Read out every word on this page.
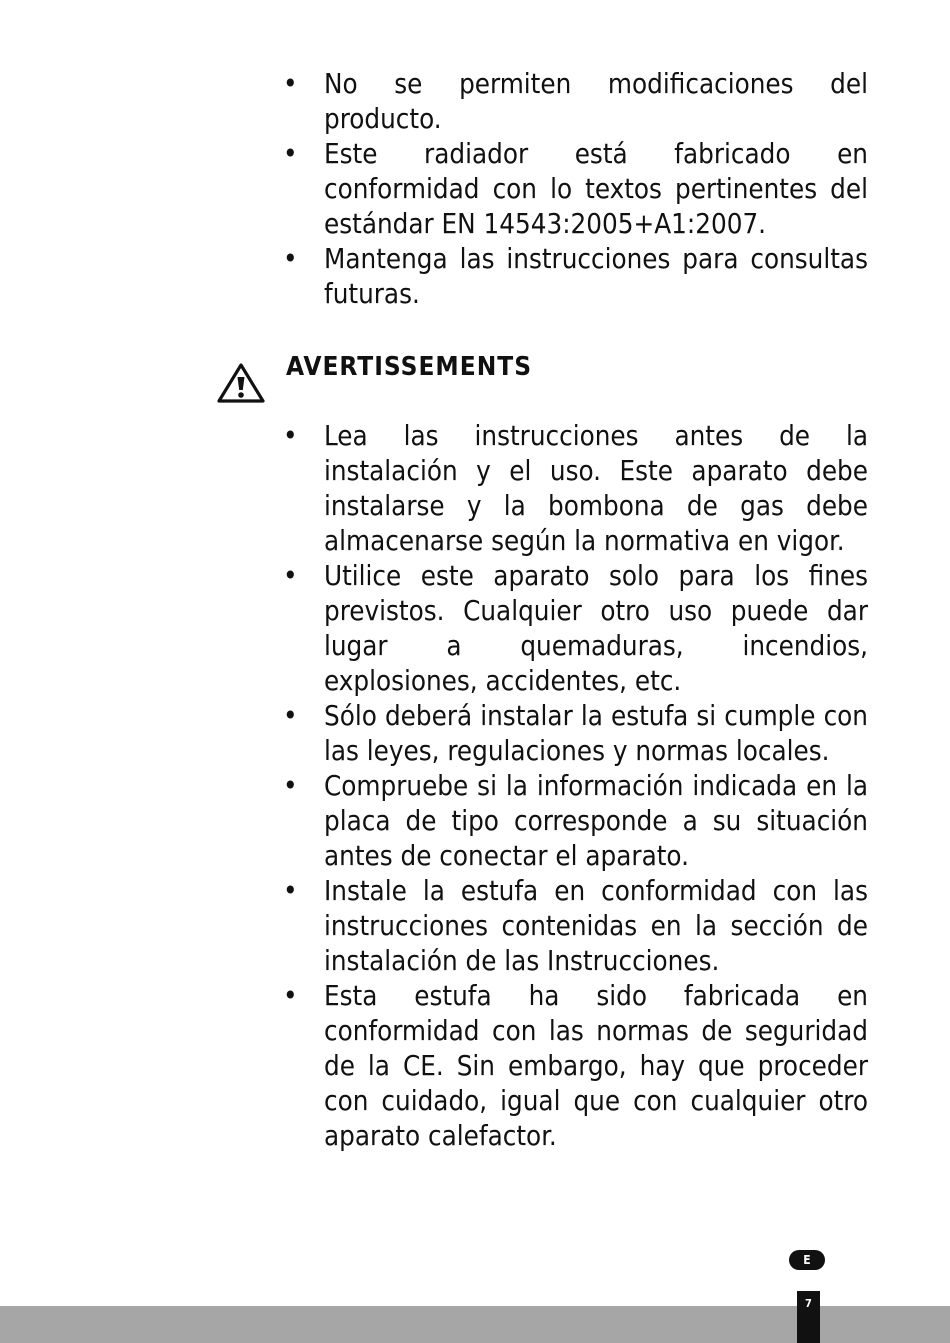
• No se permiten modificaciones del producto.
• Este radiador está fabricado en conformidad con lo textos pertinentes del estándar EN 14543:2005+A1:2007.
• Mantenga las instrucciones para consultas futuras.
AVERTISSEMENTS
• Lea las instrucciones antes de la instalación y el uso. Este aparato debe instalarse y la bombona de gas debe almacenarse según la normativa en vigor.
• Utilice este aparato solo para los fines previstos. Cualquier otro uso puede dar lugar a quemaduras, incendios, explosiones, accidentes, etc.
• Sólo deberá instalar la estufa si cumple con las leyes, regulaciones y normas locales.
• Compruebe si la información indicada en la placa de tipo corresponde a su situación antes de conectar el aparato.
• Instale la estufa en conformidad con las instrucciones contenidas en la sección de instalación de las Instrucciones.
• Esta estufa ha sido fabricada en conformidad con las normas de seguridad de la CE. Sin embargo, hay que proceder con cuidado, igual que con cualquier otro aparato calefactor.
E
7
